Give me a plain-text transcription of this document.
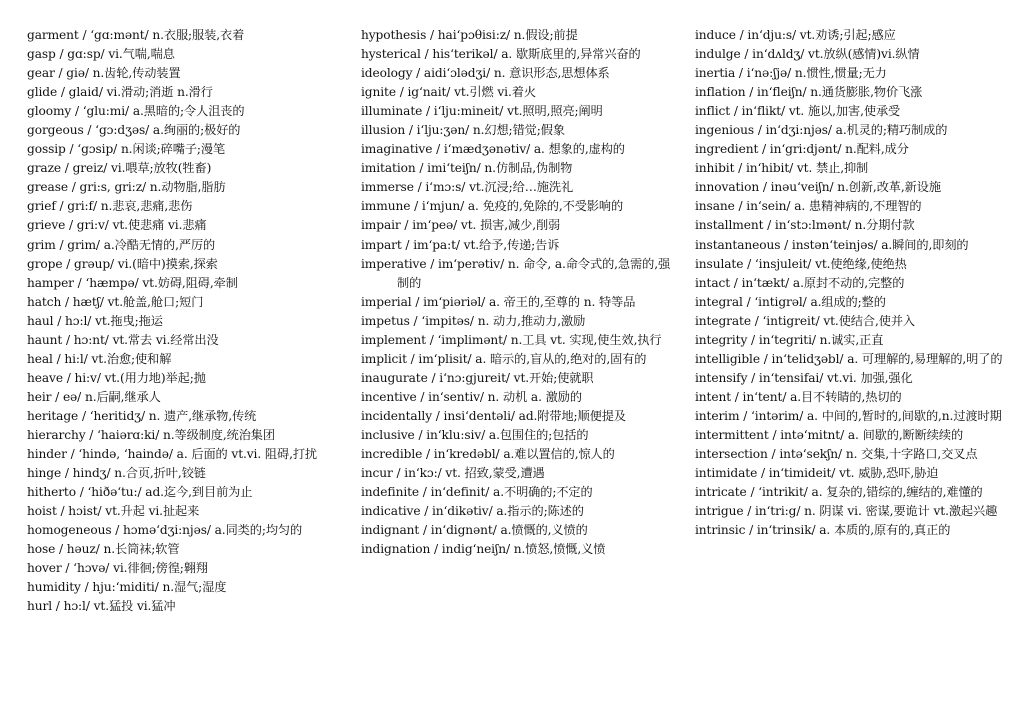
garment / ‘gɑ:mənt/ n.衣服;服装,衣着

gasp / gɑ:sp/ vi.气喘,喘息

gear / giə/ n.齿轮,传动装置

glide / glaid/ vi.滑动;消逝 n.滑行

gloomy / ‘glu:mi/ a.黑暗的;令人沮丧的

gorgeous / ‘gɔ:dʒəs/ a.绚丽的;极好的

gossip / ‘gɔsip/ n.闲谈;碎嘴子;漫笔

graze / greiz/ vi.喂草;放牧(牲畜)

grease / gri:s, gri:z/ n.动物脂,脂肪

grief / gri:f/ n.悲哀,悲痛,悲伤

grieve / gri:v/ vt.使悲痛 vi.悲痛

grim / grim/ a.冷酷无情的,严厉的

grope / grəup/ vi.(暗中)摸索,探索

hamper / ‘hæmpə/ vt.妨碍,阻碍,牵制

hatch / hætʃ/ vt.舱盖,舱口;短门

haul / hɔ:l/ vt.拖曳;拖运

haunt / hɔ:nt/ vt.常去 vi.经常出没

heal / hi:l/ vt.治愈;使和解

heave / hi:v/ vt.(用力地)举起;抛

heir / eə/ n.后嗣,继承人

heritage / ‘heritidʒ/ n. 遗产,继承物,传统

hierarchy / ‘haiərɑ:ki/ n.等级制度,统治集团

hinder / ‘hində, ‘haində/ a. 后面的 vt.vi. 阻碍,打扰

hinge / hindʒ/ n.合页,折叶,铰链

hitherto / ‘hiðə‘tu:/ ad.迄今,到目前为止

hoist / hɔist/ vt.升起 vi.扯起来

homogeneous / hɔmə‘dʒi:njəs/ a.同类的;均匀的

hose / həuz/ n.长筒袜;软管

hover / ‘hɔvə/ vi.徘徊;傍徨;翱翔

humidity / hju:‘miditi/ n.湿气;湿度

hurl / hɔ:l/ vt.猛投 vi.猛冲

hypothesis / hai‘pɔθisi:z/ n.假设;前提

hysterical / his‘terikəl/ a. 歇斯底里的,异常兴奋的

ideology / aidi‘ɔlədʒi/ n. 意识形态,思想体系

ignite / ig‘nait/ vt.引燃 vi.着火

illuminate / i‘lju:mineit/ vt.照明,照亮;阐明

illusion / i‘lju:ʒən/ n.幻想;错觉;假象

imaginative / i‘mædʒənətiv/ a. 想象的,虚构的

imitation / imi‘teiʃn/ n.仿制品,伪制物

immerse / i‘mɔ:s/ vt.沉浸;给…施洗礼

immune / i‘mjun/ a. 免疫的,免除的,不受影响的

impair / im‘peə/ vt. 损害,减少,削弱

impart / im‘pa:t/ vt.给予,传递;告诉

imperative / im‘perətiv/ n. 命令, a.命令式的,急需的,强制的

imperial / im‘piəriəl/ a. 帝王的,至尊的 n. 特等品

impetus / ‘impitəs/ n. 动力,推动力,激励

implement / ‘implimənt/ n.工具 vt. 实现,使生效,执行

implicit / im‘plisit/ a. 暗示的,盲从的,绝对的,固有的

inaugurate / i‘nɔ:gjureit/ vt.开始;使就职

incentive / in‘sentiv/ n. 动机 a. 激励的

incidentally / insi‘dentəli/ ad.附带地;顺便提及

inclusive / in‘klu:siv/ a.包围住的;包括的

incredible / in‘kredəbl/ a.难以置信的,惊人的

incur / in‘kɔ:/ vt. 招致,蒙受,遭遇

indefinite / in‘definit/ a.不明确的;不定的

indicative / in‘dikətiv/ a.指示的;陈述的

indignant / in‘dignənt/ a.愤慨的,义愤的

indignation / indig‘neiʃn/ n.愤怒,愤慨,义愤

induce / in‘dju:s/ vt.劝诱;引起;感应

indulge / in‘dʌldʒ/ vt.放纵(感情)vi.纵情

inertia / i‘nə:ʃjə/ n.惯性,惯量;无力

inflation / in‘fleiʃn/ n.通货膨胀,物价飞涨

inflict / in‘flikt/ vt. 施以,加害,使承受

ingenious / in‘dʒi:njəs/ a.机灵的;精巧制成的

ingredient / in‘gri:djənt/ n.配料,成分

inhibit / in‘hibit/ vt. 禁止,抑制

innovation / inəu‘veiʃn/ n.创新,改革,新设施

insane / in‘sein/ a. 患精神病的,不理智的

installment / in‘stɔ:lmənt/ n.分期付款

instantaneous / instən‘teinjəs/ a.瞬间的,即刻的

insulate / ‘insjuleit/ vt.使绝缘,使绝热

intact / in‘tækt/ a.原封不动的,完整的

integral / ‘intigrəl/ a.组成的;整的

integrate / ‘intigreit/ vt.使结合,使并入

integrity / in‘tegriti/ n.诚实,正直

intelligible / in‘telidʒəbl/ a. 可理解的,易理解的,明了的

intensify / in‘tensifai/ vt.vi. 加强,强化

intent / in‘tent/ a.目不转睛的,热切的

interim / ‘intərim/ a. 中间的,暂时的,间歇的,n.过渡时期

intermittent / intə‘mitnt/ a. 间歇的,断断续续的

intersection / intə‘sekʃn/ n. 交集,十字路口,交叉点

intimidate / in‘timideit/ vt. 威胁,恐吓,胁迫

intricate / ‘intrikit/ a. 复杂的,错综的,缠结的,难懂的

intrigue / in‘tri:g/ n. 阴谋 vi. 密谋,要诡计 vt.激起兴趣

intrinsic / in‘trinsik/ a. 本质的,原有的,真正的
